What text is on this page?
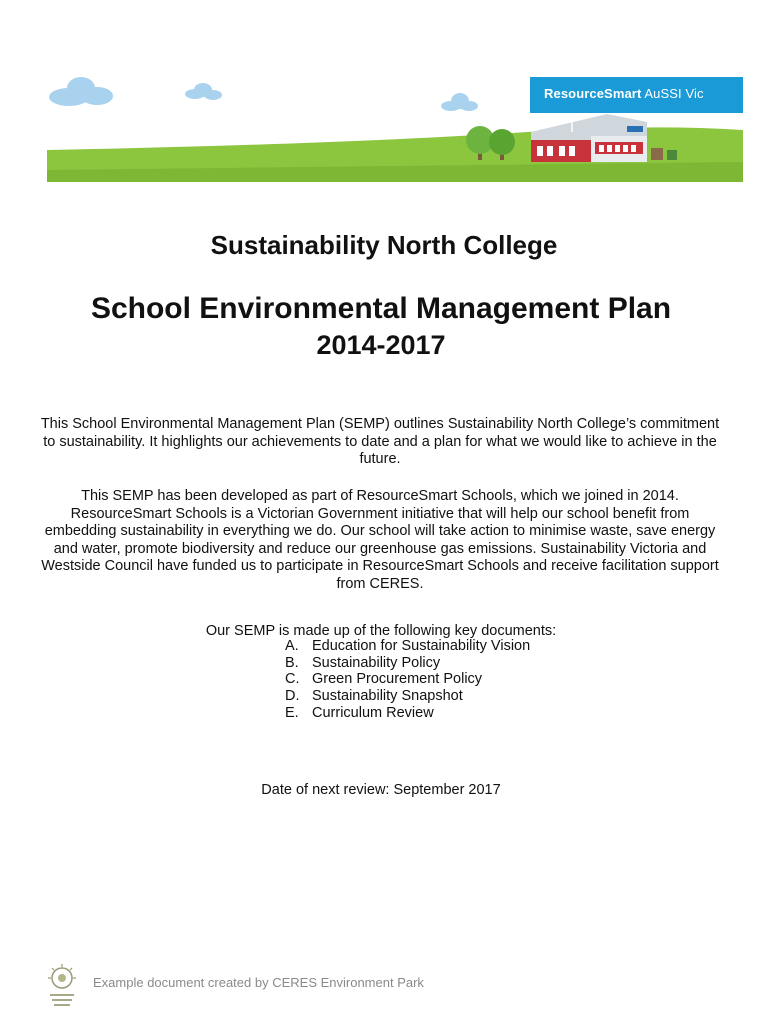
ResourceSmart AuSSI Vic
Sustainability North College
School Environmental Management Plan
2014-2017
This School Environmental Management Plan (SEMP) outlines Sustainability North College’s commitment to sustainability. It highlights our achievements to date and a plan for what we would like to achieve in the future.
This SEMP has been developed as part of ResourceSmart Schools, which we joined in 2014. ResourceSmart Schools is a Victorian Government initiative that will help our school benefit from embedding sustainability in everything we do. Our school will take action to minimise waste, save energy and water, promote biodiversity and reduce our greenhouse gas emissions. Sustainability Victoria and Westside Council have funded us to participate in ResourceSmart Schools and receive facilitation support from CERES.
Our SEMP is made up of the following key documents:
A. Education for Sustainability Vision
B. Sustainability Policy
C. Green Procurement Policy
D. Sustainability Snapshot
E. Curriculum Review
Date of next review: September 2017
Example document created by CERES Environment Park
